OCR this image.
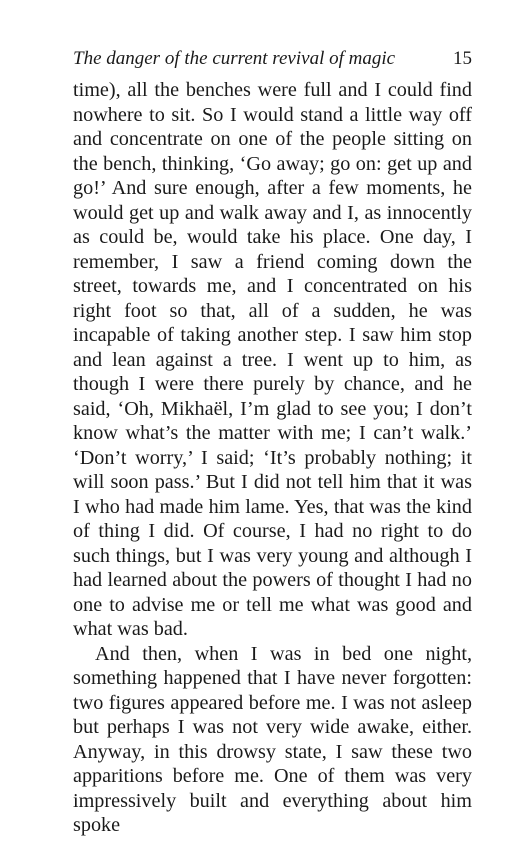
The danger of the current revival of magic	15

time), all the benches were full and I could find nowhere to sit. So I would stand a little way off and concentrate on one of the people sitting on the bench, thinking, ‘Go away; go on: get up and go!’ And sure enough, after a few moments, he would get up and walk away and I, as innocently as could be, would take his place. One day, I remember, I saw a friend coming down the street, towards me, and I concentrated on his right foot so that, all of a sudden, he was incapable of taking another step. I saw him stop and lean against a tree. I went up to him, as though I were there purely by chance, and he said, ‘Oh, Mikhaël, I’m glad to see you; I don’t know what’s the matter with me; I can’t walk.’ ‘Don’t worry,’ I said; ‘It’s probably nothing; it will soon pass.’ But I did not tell him that it was I who had made him lame. Yes, that was the kind of thing I did. Of course, I had no right to do such things, but I was very young and although I had learned about the powers of thought I had no one to advise me or tell me what was good and what was bad.

And then, when I was in bed one night, something happened that I have never forgotten: two figures appeared before me. I was not asleep but perhaps I was not very wide awake, either. Anyway, in this drowsy state, I saw these two apparitions before me. One of them was very impressively built and everything about him spoke
